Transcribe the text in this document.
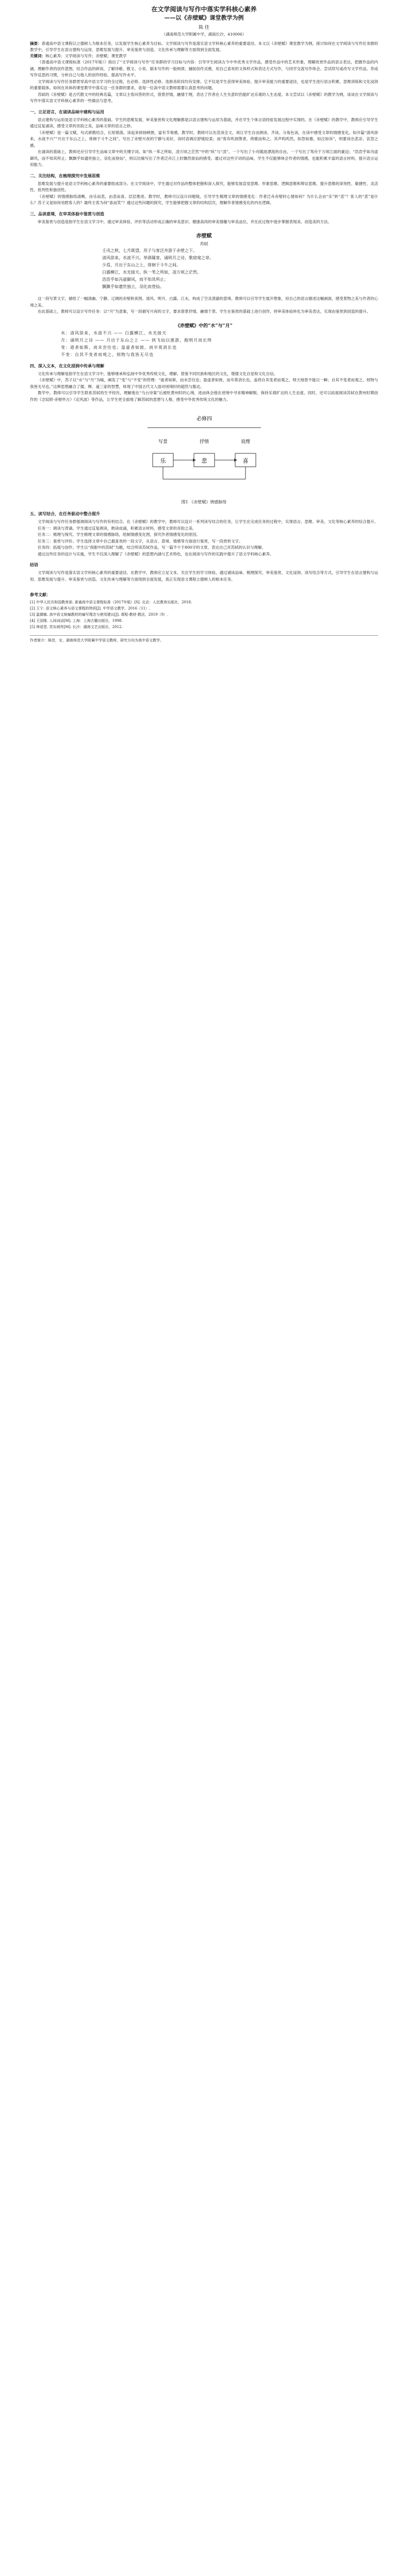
在文学阅读与写作中落实学科核心素养
——以《赤壁赋》课堂教学为例
陈 佳
（湖南师范大学附属中学，湖南长沙，410006）
摘要：普通高中语文课程以立德树人为根本任务，以发展学生核心素养为目标。文学阅读与写作是落实语文学科核心素养的重要途径。本文以《赤壁赋》课堂教学为例，探讨如何在文学阅读与写作任务群的教学中，引导学生在语言建构与运用、思维发展与提升、审美鉴赏与创造、文化传承与理解等方面得到全面发展。
关键词：核心素养；文学阅读与写作；赤壁赋；课堂教学

《普通高中语文课程标准（2017年版）》指出了“文学阅读与写作”任务群的学习目标与内容：引导学生阅读古今中外优秀文学作品，感受作品中的艺术形象，理解欣赏作品的语言表达，把握作品的内涵，理解作者的创作意图。结合作品的研读，了解诗歌、散文、小说、剧本写作的一般规律，捕捉创作灵感，用自己喜欢的文体样式和表达方式写作，与同学交流写作体会。尝试续写或改写文学作品。养成写作反思的习惯，分析自己与他人的创作经验，提高写作水平。

文学阅读与写作任务群贯穿高中语文学习的全过程，在必修、选择性必修、选修各阶段均有安排。它不仅是学生获得审美体验、提升审美能力的重要途径，也是学生进行语言积累、思维训练和文化浸润的重要载体。如何在具体的课堂教学中落实这一任务群的要求，是每一位高中语文教师需要认真思考的问题。

苏轼的《赤壁赋》是古代散文中的经典名篇，文章以主客问答的形式，借景抒情，融情于理，表达了作者在人生失意时仍能旷达乐观的人生态度。本文尝试以《赤壁赋》的教学为例，谈谈在文学阅读与写作中落实语文学科核心素养的一些做法与思考。

一、立足语言，在诵读品味中建构与运用

语言建构与运用是语文学科核心素养的基础。学生的思维发展、审美鉴赏和文化理解都是以语言建构与运用为基础，并在学生个体言语经验发展过程中实现的。在《赤壁赋》的教学中，教师应引导学生通过反复诵读，感受文章的音韵之美，品味文章的语言之妙。

《赤壁赋》是一篇文赋，句式骈散结合，长短错落，读起来抑扬顿挫，富有节奏感。教学时，教师可以先范读全文，再让学生自由朗读、齐读、分角色读，在读中感受文章的情感变化。如开篇“清风徐来，水波不兴”“月出于东山之上，徘徊于斗牛之间”，写出了赤壁月夜的宁静与美好，读时语调应舒缓轻柔；而“客有吹洞箫者，倚歌而和之。其声呜呜然，如怨如慕，如泣如诉”，则要读出悲凉、哀怨之感。

在诵读的基础上，教师还应引导学生品味文章中的关键字词。如“纵一苇之所如，凌万顷之茫然”中的“纵”与“凌”，一个写出了小舟随波漂流的自由，一个写出了驾舟于万顷江面的豪迈；“浩浩乎如冯虚御风，而不知其所止；飘飘乎如遗世独立，羽化而登仙”，则以比喻写出了作者泛舟江上时飘然欲仙的感受。通过对这些字词的品味，学生不仅能够体会作者的情感，也能积累丰富的语言材料，提升语言运用能力。

二、关注结构，在梳理探究中发展思维

思维发展与提升是语文学科核心素养的重要组成部分。在文学阅读中，学生通过对作品的整体把握和深入探究，能够发展直觉思维、形象思维、逻辑思维和辩证思维，提升思维的深刻性、敏捷性、灵活性、批判性和独创性。

《赤壁赋》的情感脉络清晰，由乐而悲，由悲而喜，层层推进。教学时，教师可以设计问题链，引导学生梳理文章的情感变化：作者泛舟赤壁时心情如何？为什么会由“乐”转“悲”？客人的“悲”是什么？苏子又是如何劝慰客人的？最终主客为何“喜而笑”？通过这些问题的探究，学生能够把握文章的结构层次，理解作者情感变化的内在逻辑。

三、品读意境，在审美体验中鉴赏与创造

审美鉴赏与创造是指学生在语文学习中，通过审美体验、评价等活动形成正确的审美意识、健康高尚的审美情趣与审美品位，并在此过程中逐步掌握表现美、创造美的方法。

赤壁赋
苏轼
壬戌之秋，七月既望，苏子与客泛舟游于赤壁之下。
清风徐来，水波不兴。举酒属客，诵明月之诗，歌窈窕之章。
少焉，月出于东山之上，徘徊于斗牛之间。
白露横江，水光接天。纵一苇之所如，凌万顷之茫然。
浩浩乎如冯虚御风，而不知其所止；
飘飘乎如遗世独立，羽化而登仙。

这一段写景文字，描绘了一幅清幽、宁静、辽阔的赤壁秋夜图。清风、明月、白露、江水，构成了空灵澄澈的意境。教师可以引导学生展开想象，用自己的语言描述这幅画面，感受景物之美与作者的心境之美。

在此基础上，教师可以设计写作任务：以“月”为意象，写一段描写月夜的文字，要求借景抒情，融情于景。学生在鉴赏的基础上进行创作，将审美体验转化为审美表达，实现由鉴赏到创造的提升。

《赤壁赋》中的“水”与“月”
水：清风徐来，水波不兴 —— 白露横江，水光接天
月：诵明月之诗 —— 月出于东山之上 —— 挟飞仙以遨游，抱明月而长终
变：逝者如斯，而未尝往也；盈虚者如彼，而卒莫消长也
不变：自其不变者而观之，则物与我皆无尽也
四、深入文本，在文化浸润中传承与理解

文化传承与理解是指学生在语文学习中，能够继承和弘扬中华优秀传统文化，理解、借鉴不同民族和地区的文化，增强文化自觉和文化自信。

《赤壁赋》中，苏子以“水”与“月”为喻，阐发了“变”与“不变”的哲理：“逝者如斯，而未尝往也；盈虚者如彼，而卒莫消长也。盖将自其变者而观之，则天地曾不能以一瞬；自其不变者而观之，则物与我皆无尽也。”这种思想融合了儒、释、道三家的智慧，体现了中国古代文人面对困境时的超然与豁达。

教学中，教师可以引导学生联系苏轼的生平经历，理解他在“乌台诗案”后被贬黄州时的心境，进而体会他在逆境中寻求精神解脱、保持乐观旷达的人生态度。同时，还可以拓展阅读苏轼在黄州时期创作的《念奴娇·赤壁怀古》《定风波》等作品，让学生更全面地了解苏轼的思想与人格，感受中华优秀传统文化的魅力。

必修四
写景	抒情	说理
乐	悲	喜
图1 《赤壁赋》情感脉络
五、读写结合，在任务驱动中整合提升

文学阅读与写作任务群强调阅读与写作的有机结合。在《赤壁赋》的教学中，教师可以设计一系列读写结合的任务，让学生在完成任务的过程中，实现语言、思维、审美、文化等核心素养的综合提升。

任务一：朗读与背诵。学生通过反复朗读，熟读成诵，积累语言材料，感受文章的音韵之美。

任务二：梳理与探究。学生梳理文章的情感脉络，绘制情感变化图，探究作者情感变化的原因。

任务三：鉴赏与评价。学生选择文章中自己最喜欢的一段文字，从语言、意境、情感等方面进行鉴赏，写一段赏析文字。

任务四：拓展与创作。学生以“我眼中的苏轼”为题，结合所读苏轼作品，写一篇不少于800字的文章，表达自己对苏轼的认识与理解。

通过这些任务的设计与实施，学生不仅深入理解了《赤壁赋》的思想内涵与艺术特色，也在阅读与写作的实践中提升了语文学科核心素养。

结语

文学阅读与写作是落实语文学科核心素养的重要途径。在教学中，教师应立足文本，关注学生的学习体验，通过诵读品味、梳理探究、审美鉴赏、文化浸润、读写结合等方式，引导学生在语言建构与运用、思维发展与提升、审美鉴赏与创造、文化传承与理解等方面得到全面发展，真正实现语文课程立德树人的根本任务。

参考文献：
[1] 中华人民共和国教育部. 普通高中语文课程标准（2017年版）[S]. 北京：人民教育出版社，2018.
[2] 王宁. 语文核心素养与语文课程的特质[J]. 中学语文教学，2016（11）.
[3] 温儒敏. 高中语文统编教材的编写理念与使用建议[J]. 课程·教材·教法，2019（9）.
[4] 王国维. 人间词话[M]. 上海：上海古籍出版社，1998.
[5] 林语堂. 苏东坡传[M]. 长沙：湖南文艺出版社，2012.
作者简介：陈佳，女，湖南师范大学附属中学语文教师，研究方向为高中语文教学。
